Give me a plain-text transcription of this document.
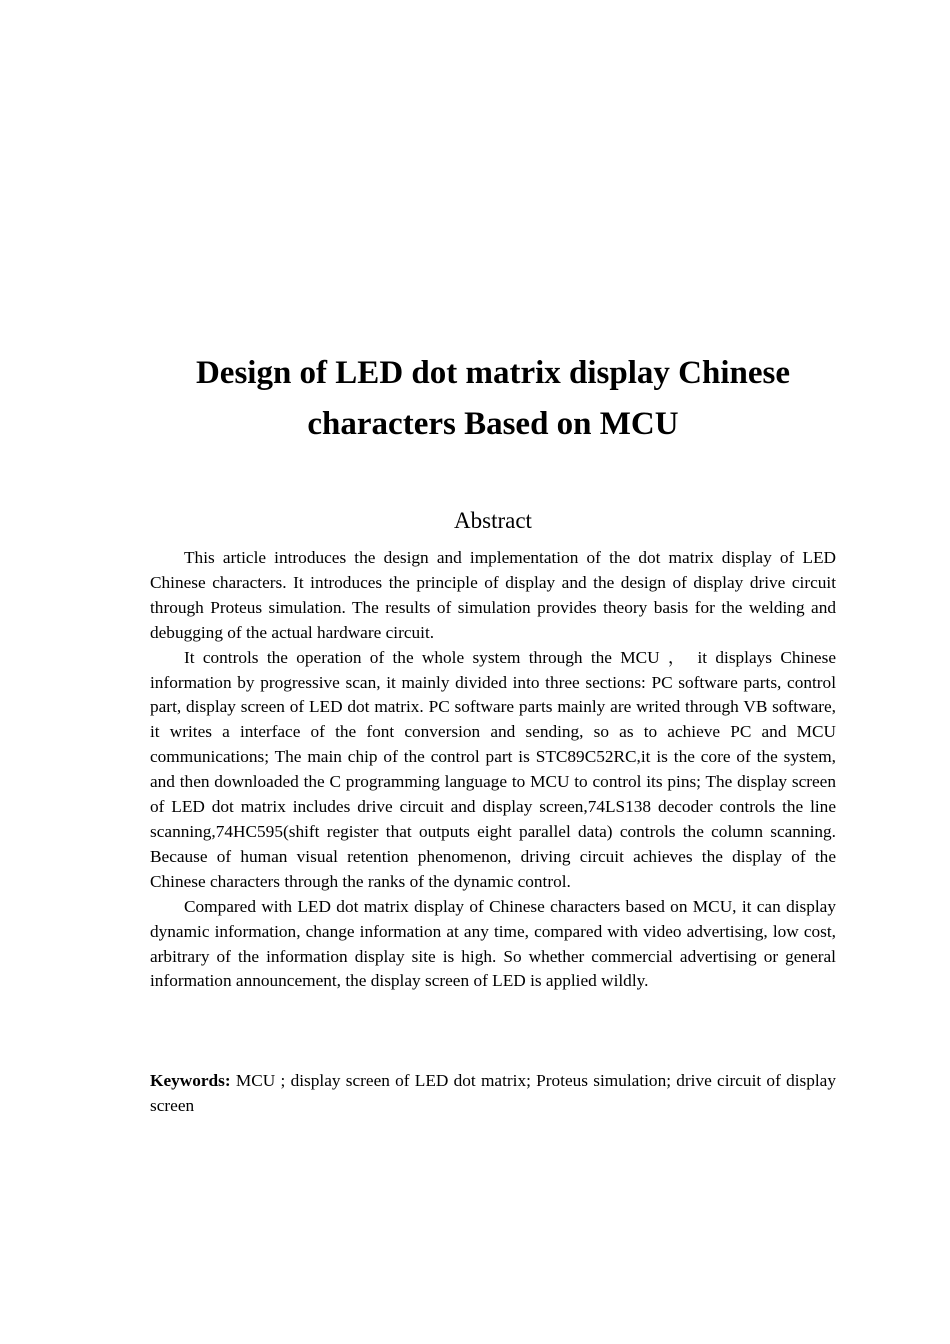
Design of LED dot matrix display Chinese characters Based on MCU
Abstract

This article introduces the design and implementation of the dot matrix display of LED Chinese characters. It introduces the principle of display and the design of display drive circuit through Proteus simulation. The results of simulation provides theory basis for the welding and debugging of the actual hardware circuit.

It controls the operation of the whole system through the MCU ， it displays Chinese information by progressive scan, it mainly divided into three sections: PC software parts, control part, display screen of LED dot matrix. PC software parts mainly are writed through VB software, it writes a interface of the font conversion and sending, so as to achieve PC and MCU communications; The main chip of the control part is STC89C52RC,it is the core of the system, and then downloaded the C programming language to MCU to control its pins; The display screen of LED dot matrix includes drive circuit and display screen,74LS138 decoder controls the line scanning,74HC595(shift register that outputs eight parallel data) controls the column scanning. Because of human visual retention phenomenon, driving circuit achieves the display of the Chinese characters through the ranks of the dynamic control.

Compared with LED dot matrix display of Chinese characters based on MCU, it can display dynamic information, change information at any time, compared with video advertising, low cost, arbitrary of the information display site is high. So whether commercial advertising or general information announcement, the display screen of LED is applied wildly.

Keywords: MCU ; display screen of LED dot matrix; Proteus simulation; drive circuit of display screen
